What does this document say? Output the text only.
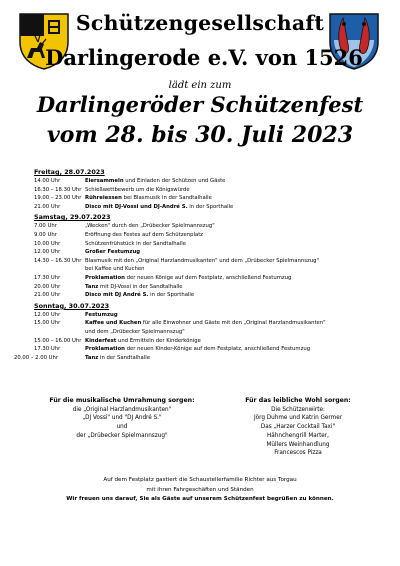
Schützengesellschaft
Darlingerode e.V. von 1526
lädt ein zum
Darlingeröder Schützenfest
vom 28. bis 30. Juli 2023
Freitag, 28.07.2023
14.00 Uhr	Eiersammeln und Einladen der Schützen und Gäste
16.30 – 18.30 Uhr Schießwettbewerb um die Königswürde
19.00 – 23.00 Uhr Rühreiessen bei Blasmusik in der Sandtalhalle
21.00 Uhr	Disco mit DJ-Vossi und DJ-André S. in der Sporthalle
Samstag, 29.07.2023
7.00 Uhr	„Wecken" durch den „Drübecker Spielmannszug"
9.00 Uhr	Eröffnung des Festes auf dem Schützenplatz
10.00 Uhr	Schützenfrühstück in der Sandtalhalle
12.00 Uhr	Großer Festumzug
14.30 – 16.30 Uhr Blasmusik mit den „Original Harzlandmusikanten" und dem „Drübecker Spielmannszug"
bei Kaffee und Kuchen
17.30 Uhr	Proklamation der neuen Könige auf dem Festplatz, anschließend Festumzug
20.00 Uhr	Tanz mit DJ-Vossi in der Sandtalhalle
21.00 Uhr	Disco mit DJ André S. in der Sporthalle
Sonntag, 30.07.2023
12.00 Uhr	Festumzug
15.00 Uhr	Kaffee und Kuchen für alle Einwohner und Gäste mit den „Original Harzlandmusikanten"
und dem „Drübecker Spielmannszug"
15.00 – 16.00 Uhr Kinderfest und Ermitteln der Kinderkönige
17.30 Uhr	Proklamation der neuen Kinder-Könige auf dem Festplatz, anschließend Festumzug
20.00 – 2.00 Uhr	Tanz in der Sandtalhalle
Für die musikalische Umrahmung sorgen:
die „Original Harzlandmusikanten"
„DJ Vossi" und "DJ André S."
und
der „Drübecker Spielmannszug"
Für das leibliche Wohl sorgen:
Die Schützenwirte:
Jörg Duhme und Katrin Germer
Das „Harzer Cocktail Taxi"
Hähnchengrill Marter,
Müllers Weinhandlung
Francescos Pizza
Auf dem Festplatz gastiert die Schaustellerfamilie Richter aus Torgau
mit ihren Fahrgeschäften und Ständen
Wir freuen uns darauf, Sie als Gäste auf unserem Schützenfest begrüßen zu können.
